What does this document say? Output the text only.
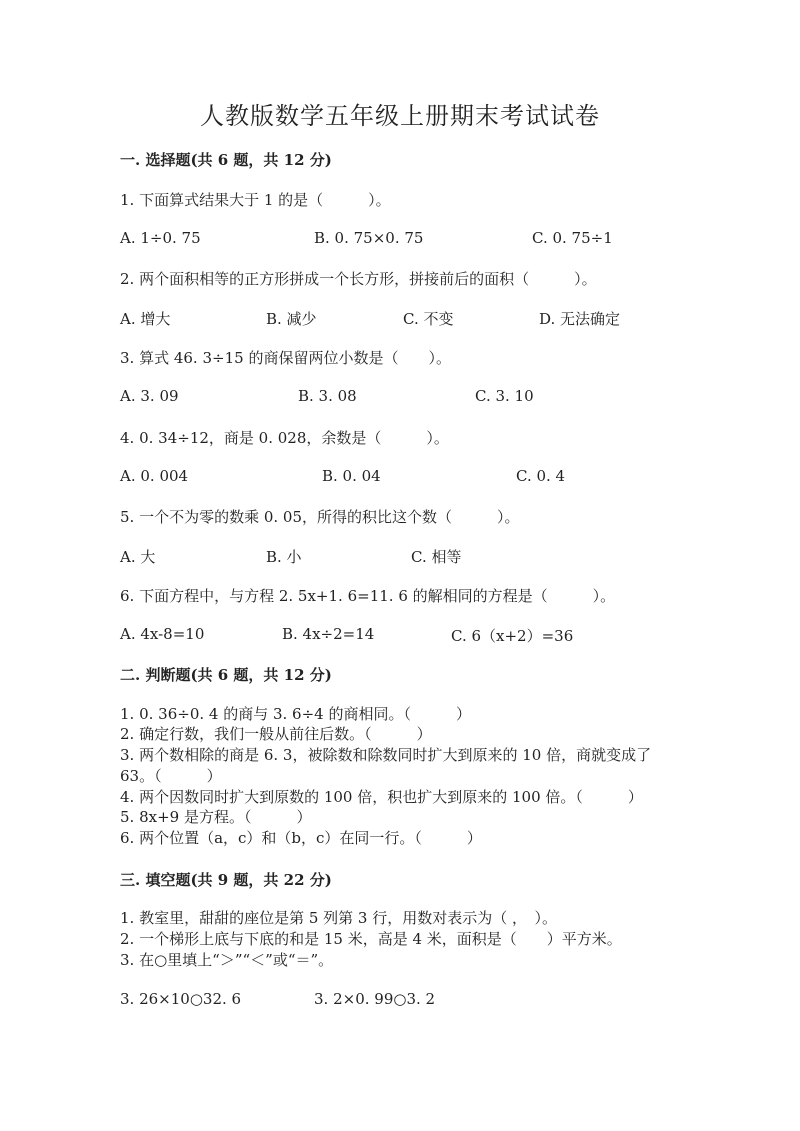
人教版数学五年级上册期末考试试卷
一. 选择题(共 6 题，共 12 分)
1. 下面算式结果大于 1 的是（　　　）。
A. 1÷0. 75	B. 0. 75×0. 75	C. 0. 75÷1
2. 两个面积相等的正方形拼成一个长方形，拼接前后的面积（　　　）。
A. 增大	B. 减少	C. 不变	D. 无法确定
3. 算式 46. 3÷15 的商保留两位小数是（　　）。
A. 3. 09	B. 3. 08	C. 3. 10
4. 0. 34÷12，商是 0. 028，余数是（　　　）。
A. 0. 004	B. 0. 04	C. 0. 4
5. 一个不为零的数乘 0. 05，所得的积比这个数（　　　）。
A. 大	B. 小	C. 相等
6. 下面方程中，与方程 2. 5x+1. 6=11. 6 的解相同的方程是（　　　）。
A. 4x-8=10	B. 4x÷2=14	C. 6（x+2）=36
二. 判断题(共 6 题，共 12 分)
1. 0. 36÷0. 4 的商与 3. 6÷4 的商相同。（　　　）
2. 确定行数，我们一般从前往后数。（　　　）
3. 两个数相除的商是 6. 3，被除数和除数同时扩大到原来的 10 倍，商就变成了
63。（　　　）
4. 两个因数同时扩大到原数的 100 倍，积也扩大到原来的 100 倍。（　　　）
5. 8x+9 是方程。（　　　）
6. 两个位置（a，c）和（b，c）在同一行。（　　　）
三. 填空题(共 9 题，共 22 分)
1. 教室里，甜甜的座位是第 5 列第 3 行，用数对表示为（ ，　）。
2. 一个梯形上底与下底的和是 15 米，高是 4 米，面积是（　　）平方米。
3. 在○里填上“＞”“＜”或“＝”。
3. 26×10○32. 6	3. 2×0. 99○3. 2
